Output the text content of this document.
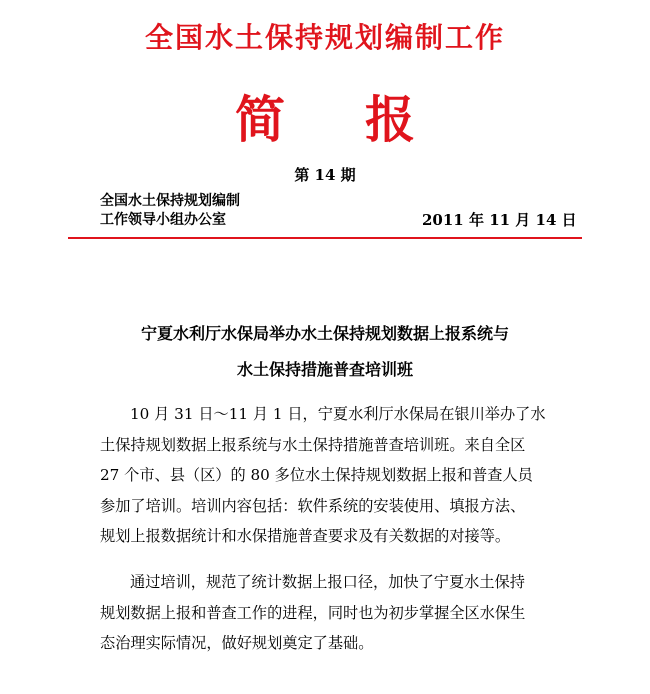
全国水土保持规划编制工作
简 报
第 14 期
全国水土保持规划编制
工作领导小组办公室	2011 年 11 月 14 日
宁夏水利厅水保局举办水土保持规划数据上报系统与
水土保持措施普查培训班
10 月 31 日～11 月 1 日，宁夏水利厅水保局在银川举办了水
土保持规划数据上报系统与水土保持措施普查培训班。来自全区
27 个市、县（区）的 80 多位水土保持规划数据上报和普查人员
参加了培训。培训内容包括：软件系统的安装使用、填报方法、
规划上报数据统计和水保措施普查要求及有关数据的对接等。
通过培训，规范了统计数据上报口径，加快了宁夏水土保持
规划数据上报和普查工作的进程，同时也为初步掌握全区水保生
态治理实际情况，做好规划奠定了基础。
